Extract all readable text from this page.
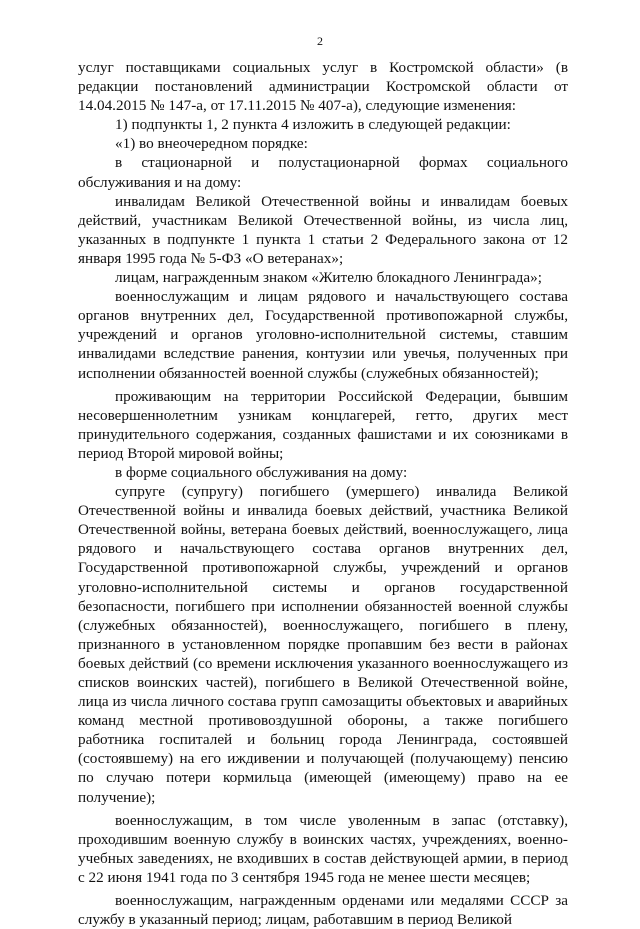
2

услуг поставщиками социальных услуг в Костромской области» (в редакции постановлений администрации Костромской области от 14.04.2015 № 147-а, от 17.11.2015 № 407-а), следующие изменения:

1) подпункты 1, 2 пункта 4 изложить в следующей редакции:

«1) во внеочередном порядке:

в стационарной и полустационарной формах социального обслуживания и на дому:

инвалидам Великой Отечественной войны и инвалидам боевых действий, участникам Великой Отечественной войны, из числа лиц, указанных в подпункте 1 пункта 1 статьи 2 Федерального закона от 12 января 1995 года № 5-ФЗ «О ветеранах»;

лицам, награжденным знаком «Жителю блокадного Ленинграда»;

военнослужащим и лицам рядового и начальствующего состава органов внутренних дел, Государственной противопожарной службы, учреждений и органов уголовно-исполнительной системы, ставшим инвалидами вследствие ранения, контузии или увечья, полученных при исполнении обязанностей военной службы (служебных обязанностей);

проживающим на территории Российской Федерации, бывшим несовершеннолетним узникам концлагерей, гетто, других мест принудительного содержания, созданных фашистами и их союзниками в период Второй мировой войны;

в форме социального обслуживания на дому:

супруге (супругу) погибшего (умершего) инвалида Великой Отечественной войны и инвалида боевых действий, участника Великой Отечественной войны, ветерана боевых действий, военнослужащего, лица рядового и начальствующего состава органов внутренних дел, Государственной противопожарной службы, учреждений и органов уголовно-исполнительной системы и органов государственной безопасности, погибшего при исполнении обязанностей военной службы (служебных обязанностей), военнослужащего, погибшего в плену, признанного в установленном порядке пропавшим без вести в районах боевых действий (со времени исключения указанного военнослужащего из списков воинских частей), погибшего в Великой Отечественной войне, лица из числа личного состава групп самозащиты объектовых и аварийных команд местной противовоздушной обороны, а также погибшего работника госпиталей и больниц города Ленинграда, состоявшей (состоявшему) на его иждивении и получающей (получающему) пенсию по случаю потери кормильца (имеющей (имеющему) право на ее получение);

военнослужащим, в том числе уволенным в запас (отставку), проходившим военную службу в воинских частях, учреждениях, военно-учебных заведениях, не входивших в состав действующей армии, в период с 22 июня 1941 года по 3 сентября 1945 года не менее шести месяцев;

военнослужащим, награжденным орденами или медалями СССР за службу в указанный период; лицам, работавшим в период Великой
